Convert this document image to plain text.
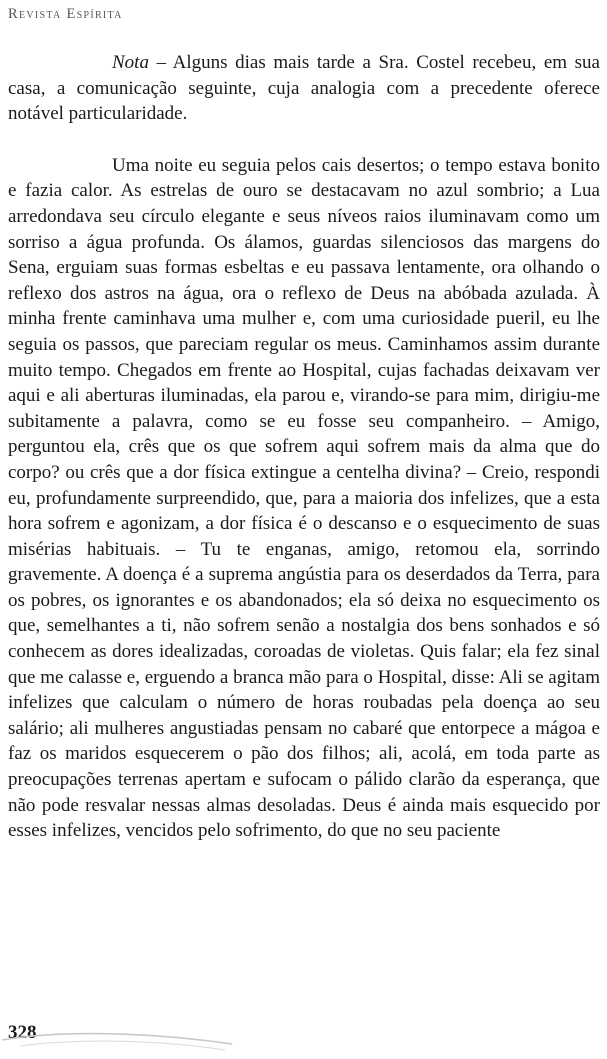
Revista Espírita

Nota – Alguns dias mais tarde a Sra. Costel recebeu, em sua casa, a comunicação seguinte, cuja analogia com a precedente oferece notável particularidade.

Uma noite eu seguia pelos cais desertos; o tempo estava bonito e fazia calor. As estrelas de ouro se destacavam no azul sombrio; a Lua arredondava seu círculo elegante e seus níveos raios iluminavam como um sorriso a água profunda. Os álamos, guardas silenciosos das margens do Sena, erguiam suas formas esbeltas e eu passava lentamente, ora olhando o reflexo dos astros na água, ora o reflexo de Deus na abóbada azulada. À minha frente caminhava uma mulher e, com uma curiosidade pueril, eu lhe seguia os passos, que pareciam regular os meus. Caminhamos assim durante muito tempo. Chegados em frente ao Hospital, cujas fachadas deixavam ver aqui e ali aberturas iluminadas, ela parou e, virando-se para mim, dirigiu-me subitamente a palavra, como se eu fosse seu companheiro. – Amigo, perguntou ela, crês que os que sofrem aqui sofrem mais da alma que do corpo? ou crês que a dor física extingue a centelha divina? – Creio, respondi eu, profundamente surpreendido, que, para a maioria dos infelizes, que a esta hora sofrem e agonizam, a dor física é o descanso e o esquecimento de suas misérias habituais. – Tu te enganas, amigo, retomou ela, sorrindo gravemente. A doença é a suprema angústia para os deserdados da Terra, para os pobres, os ignorantes e os abandonados; ela só deixa no esquecimento os que, semelhantes a ti, não sofrem senão a nostalgia dos bens sonhados e só conhecem as dores idealizadas, coroadas de violetas. Quis falar; ela fez sinal que me calasse e, erguendo a branca mão para o Hospital, disse: Ali se agitam infelizes que calculam o número de horas roubadas pela doença ao seu salário; ali mulheres angustiadas pensam no cabaré que entorpece a mágoa e faz os maridos esquecerem o pão dos filhos; ali, acolá, em toda parte as preocupações terrenas apertam e sufocam o pálido clarão da esperança, que não pode resvalar nessas almas desoladas. Deus é ainda mais esquecido por esses infelizes, vencidos pelo sofrimento, do que no seu paciente

328
